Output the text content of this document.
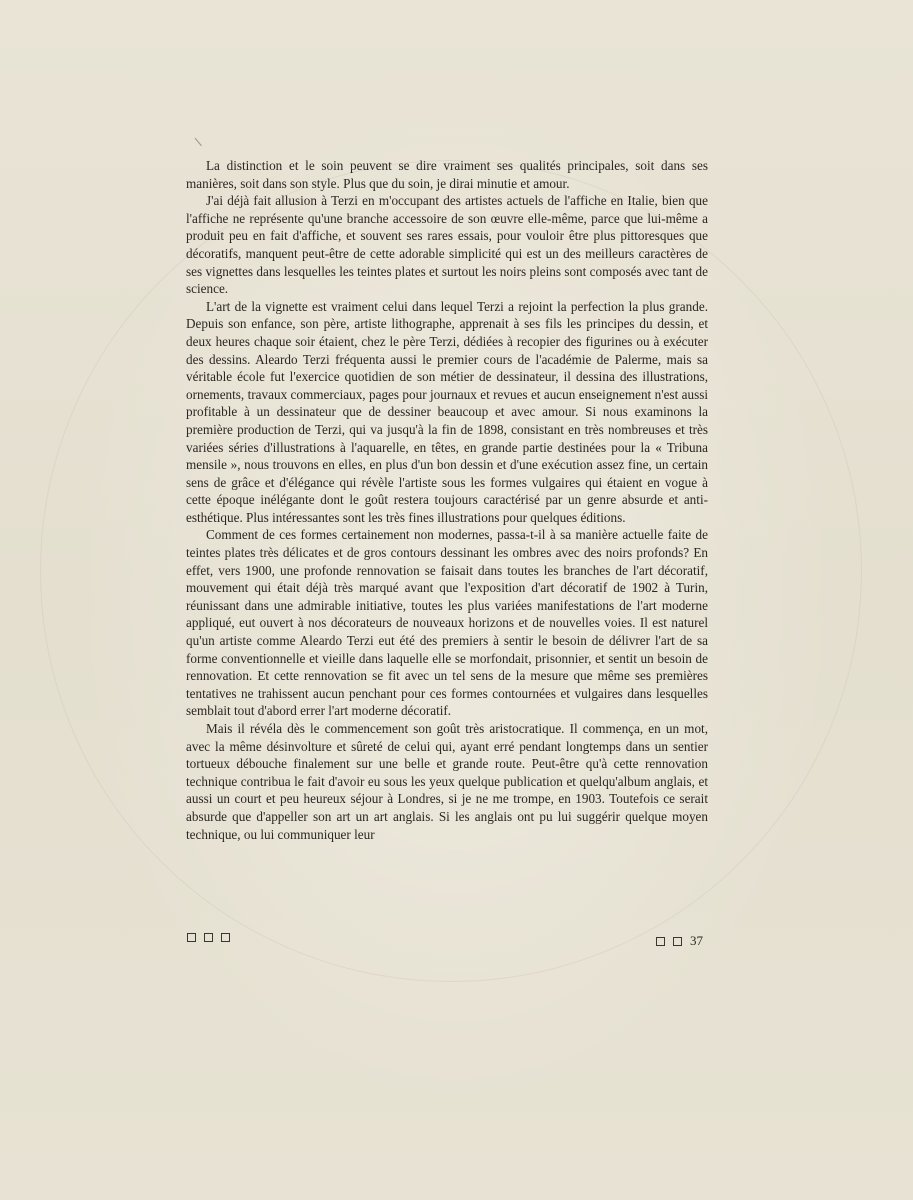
La distinction et le soin peuvent se dire vraiment ses qualités principales, soit dans ses manières, soit dans son style. Plus que du soin, je dirai minutie et amour.

J'ai déjà fait allusion à Terzi en m'occupant des artistes actuels de l'affiche en Italie, bien que l'affiche ne représente qu'une branche accessoire de son œuvre elle-même, parce que lui-même a produit peu en fait d'affiche, et souvent ses rares essais, pour vouloir être plus pittoresques que décoratifs, manquent peut-être de cette adorable simplicité qui est un des meilleurs caractères de ses vignettes dans lesquelles les teintes plates et surtout les noirs pleins sont composés avec tant de science.

L'art de la vignette est vraiment celui dans lequel Terzi a rejoint la perfection la plus grande. Depuis son enfance, son père, artiste lithographe, apprenait à ses fils les principes du dessin, et deux heures chaque soir étaient, chez le père Terzi, dédiées à recopier des figurines ou à exécuter des dessins. Aleardo Terzi fréquenta aussi le premier cours de l'académie de Palerme, mais sa véritable école fut l'exercice quotidien de son métier de dessinateur, il dessina des illustrations, ornements, travaux commerciaux, pages pour journaux et revues et aucun enseignement n'est aussi profitable à un dessinateur que de dessiner beaucoup et avec amour. Si nous examinons la première production de Terzi, qui va jusqu'à la fin de 1898, consistant en très nombreuses et très variées séries d'illustrations à l'aquarelle, en têtes, en grande partie destinées pour la « Tribuna mensile », nous trouvons en elles, en plus d'un bon dessin et d'une exécution assez fine, un certain sens de grâce et d'élégance qui révèle l'artiste sous les formes vulgaires qui étaient en vogue à cette époque inélégante dont le goût restera toujours caractérisé par un genre absurde et anti-esthétique. Plus intéressantes sont les très fines illustrations pour quelques éditions.

Comment de ces formes certainement non modernes, passa-t-il à sa manière actuelle faite de teintes plates très délicates et de gros contours dessinant les ombres avec des noirs profonds? En effet, vers 1900, une profonde rennovation se faisait dans toutes les branches de l'art décoratif, mouvement qui était déjà très marqué avant que l'exposition d'art décoratif de 1902 à Turin, réunissant dans une admirable initiative, toutes les plus variées manifestations de l'art moderne appliqué, eut ouvert à nos décorateurs de nouveaux horizons et de nouvelles voies. Il est naturel qu'un artiste comme Aleardo Terzi eut été des premiers à sentir le besoin de délivrer l'art de sa forme conventionnelle et vieille dans laquelle elle se morfondait, prisonnier, et sentit un besoin de rennovation. Et cette rennovation se fit avec un tel sens de la mesure que même ses premières tentatives ne trahissent aucun penchant pour ces formes contournées et vulgaires dans lesquelles semblait tout d'abord errer l'art moderne décoratif.

Mais il révéla dès le commencement son goût très aristocratique. Il commença, en un mot, avec la même désinvolture et sûreté de celui qui, ayant erré pendant longtemps dans un sentier tortueux débouche finalement sur une belle et grande route. Peut-être qu'à cette rennovation technique contribua le fait d'avoir eu sous les yeux quelque publication et quelqu'album anglais, et aussi un court et peu heureux séjour à Londres, si je ne me trompe, en 1903. Toutefois ce serait absurde que d'appeller son art un art anglais. Si les anglais ont pu lui suggérir quelque moyen technique, ou lui communiquer leur

37
